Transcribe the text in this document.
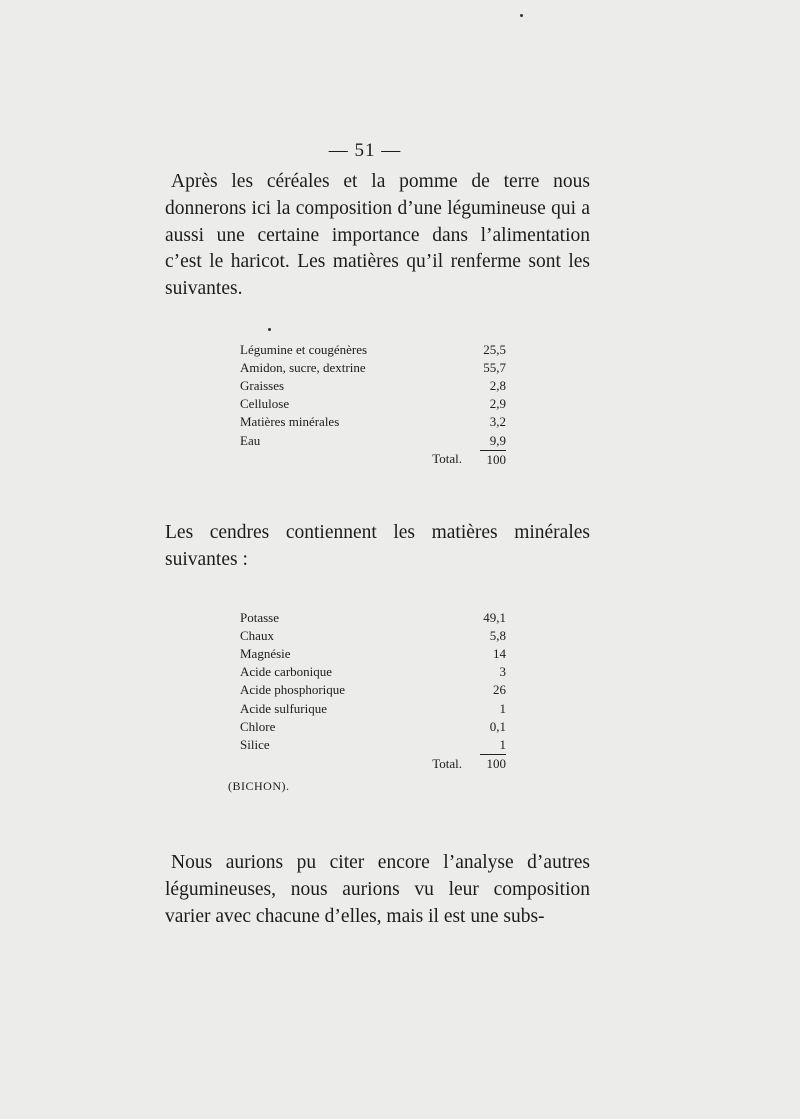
— 51 —

Après les céréales et la pomme de terre nous donnerons ici la composition d’une légumineuse qui a aussi une certaine importance dans l’alimentation c’est le haricot. Les matières qu’il renferme sont les suivantes.

Légumine et cougénères	25,5
Amidon, sucre, dextrine	55,7
Graisses	2,8
Cellulose	2,9
Matières minérales	3,2
Eau	9,9
Total.	100

Les cendres contiennent les matières minérales suivantes :

Potasse	49,1
Chaux	5,8
Magnésie	14
Acide carbonique	3
Acide phosphorique	26
Acide sulfurique	1
Chlore	0,1
Silice	1
Total.	100
(BICHON).

Nous aurions pu citer encore l’analyse d’autres légumineuses, nous aurions vu leur composition varier avec chacune d’elles, mais il est une subs-
